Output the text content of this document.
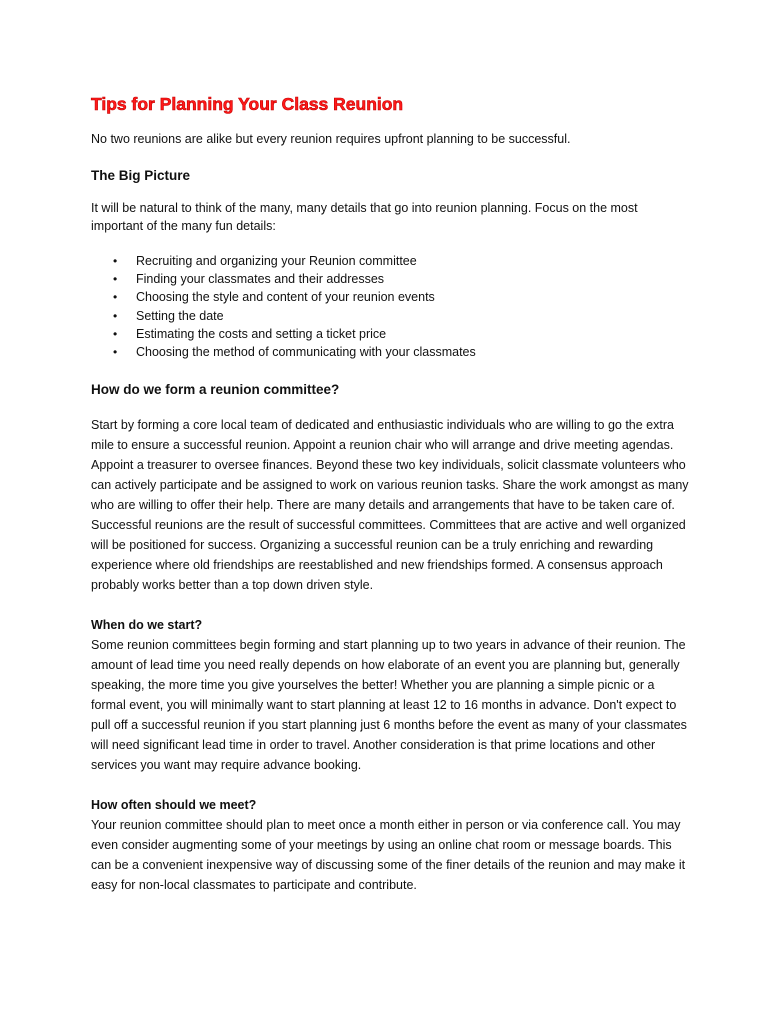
Tips for Planning Your Class Reunion

No two reunions are alike but every reunion requires upfront planning to be successful.

The Big Picture

It will be natural to think of the many, many details that go into reunion planning. Focus on the most important of the many fun details:

• Recruiting and organizing your Reunion committee
• Finding your classmates and their addresses
• Choosing the style and content of your reunion events
• Setting the date
• Estimating the costs and setting a ticket price
• Choosing the method of communicating with your classmates
How do we form a reunion committee?

Start by forming a core local team of dedicated and enthusiastic individuals who are willing to go the extra mile to ensure a successful reunion. Appoint a reunion chair who will arrange and drive meeting agendas. Appoint a treasurer to oversee finances. Beyond these two key individuals, solicit classmate volunteers who can actively participate and be assigned to work on various reunion tasks. Share the work amongst as many who are willing to offer their help. There are many details and arrangements that have to be taken care of. Successful reunions are the result of successful committees. Committees that are active and well organized will be positioned for success. Organizing a successful reunion can be a truly enriching and rewarding experience where old friendships are reestablished and new friendships formed. A consensus approach probably works better than a top down driven style.

When do we start?

Some reunion committees begin forming and start planning up to two years in advance of their reunion. The amount of lead time you need really depends on how elaborate of an event you are planning but, generally speaking, the more time you give yourselves the better! Whether you are planning a simple picnic or a formal event, you will minimally want to start planning at least 12 to 16 months in advance. Don't expect to pull off a successful reunion if you start planning just 6 months before the event as many of your classmates will need significant lead time in order to travel. Another consideration is that prime locations and other services you want may require advance booking.

How often should we meet?

Your reunion committee should plan to meet once a month either in person or via conference call. You may even consider augmenting some of your meetings by using an online chat room or message boards. This can be a convenient inexpensive way of discussing some of the finer details of the reunion and may make it easy for non-local classmates to participate and contribute.
